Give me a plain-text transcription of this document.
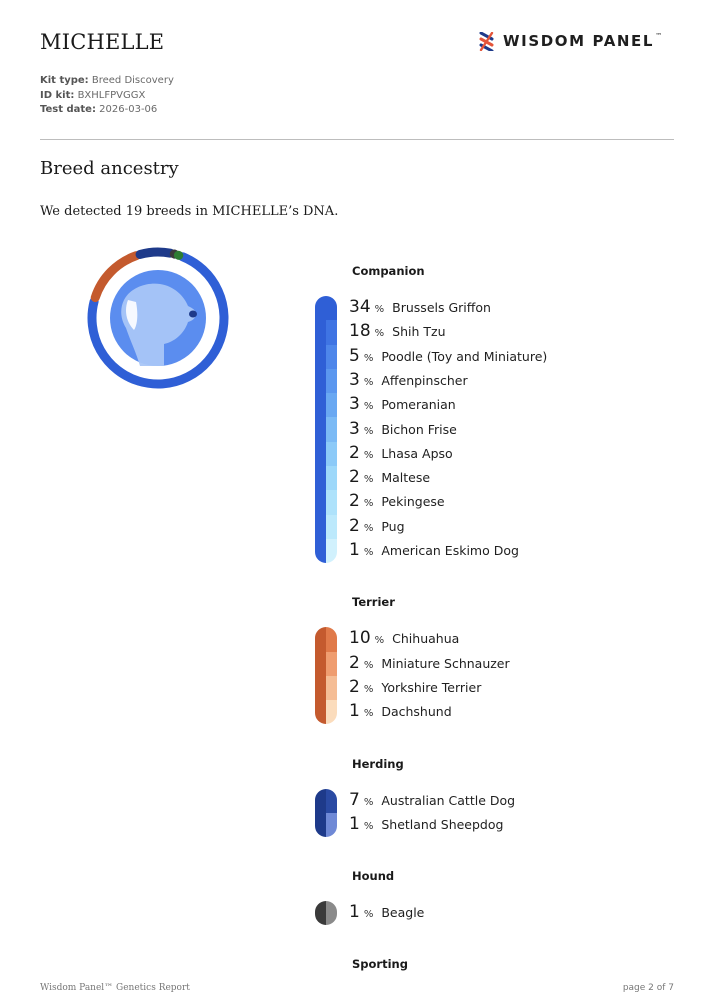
MICHELLE	WISDOM PANEL™
Kit type: Breed Discovery
ID kit: BXHLFPVGGX
Test date: 2026-03-06
Breed ancestry
We detected 19 breeds in MICHELLE’s DNA.
Companion
34 % Brussels Griffon
18 % Shih Tzu
5 % Poodle (Toy and Miniature)
3 % Affenpinscher
3 % Pomeranian
3 % Bichon Frise
2 % Lhasa Apso
2 % Maltese
2 % Pekingese
2 % Pug
1 % American Eskimo Dog
Terrier
10 % Chihuahua
2 % Miniature Schnauzer
2 % Yorkshire Terrier
1 % Dachshund
Herding
7 % Australian Cattle Dog
1 % Shetland Sheepdog
Hound
1 % Beagle
Sporting
Wisdom Panel™ Genetics Report	page 2 of 7
